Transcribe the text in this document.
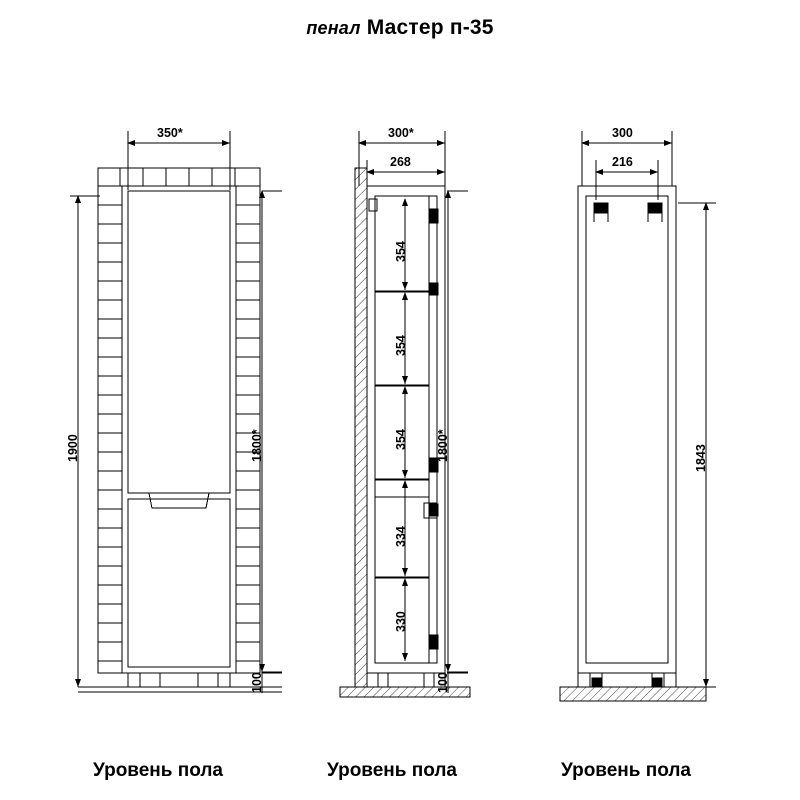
пенал Мастер п-35
350*
1900	1800*
100
300*
268
354
354
354
334
330
1800*
100
300
216
1843
Уровень пола	Уровень пола	Уровень пола
